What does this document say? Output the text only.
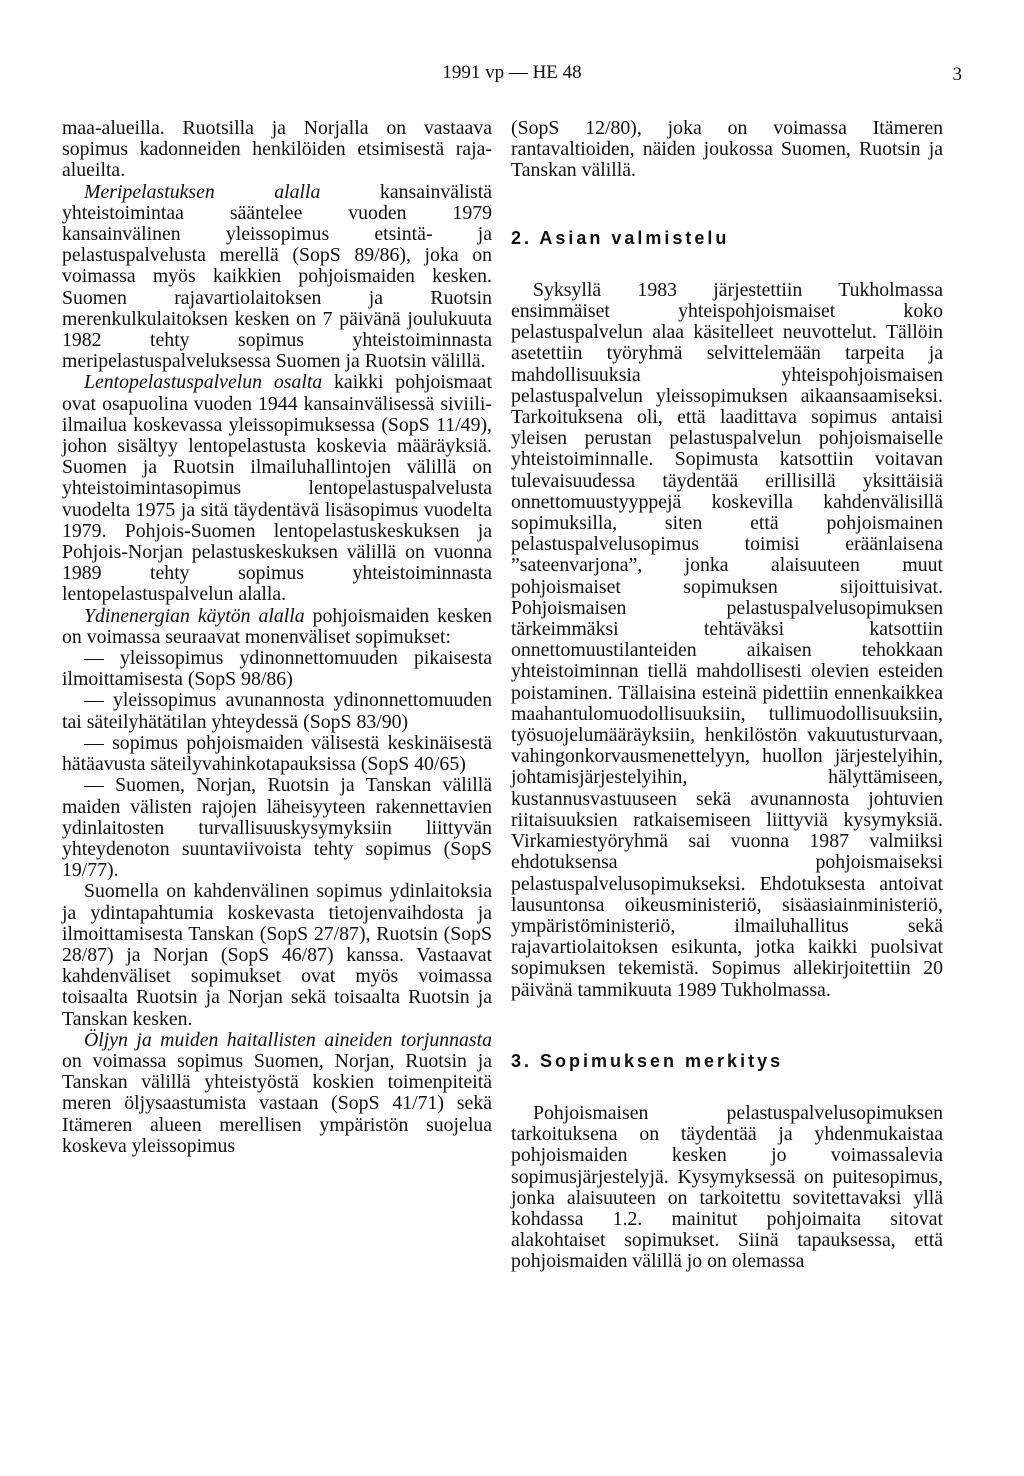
1991 vp — HE 48	3

maa-alueilla. Ruotsilla ja Norjalla on vastaava sopimus kadonneiden henkilöiden etsimisestä raja-alueilta.

Meripelastuksen alalla kansainvälistä yhteistoimintaa sääntelee vuoden 1979 kansainvälinen yleissopimus etsintä- ja pelastuspalvelusta merellä (SopS 89/86), joka on voimassa myös kaikkien pohjoismaiden kesken. Suomen rajavartiolaitoksen ja Ruotsin merenkulkulaitoksen kesken on 7 päivänä joulukuuta 1982 tehty sopimus yhteistoiminnasta meripelastuspalveluksessa Suomen ja Ruotsin välillä.

Lentopelastuspalvelun osalta kaikki pohjoismaat ovat osapuolina vuoden 1944 kansainvälisessä siviili-ilmailua koskevassa yleissopimuksessa (SopS 11/49), johon sisältyy lentopelastusta koskevia määräyksiä. Suomen ja Ruotsin ilmailuhallintojen välillä on yhteistoimintasopimus lentopelastuspalvelusta vuodelta 1975 ja sitä täydentävä lisäsopimus vuodelta 1979. Pohjois-Suomen lentopelastuskeskuksen ja Pohjois-Norjan pelastuskeskuksen välillä on vuonna 1989 tehty sopimus yhteistoiminnasta lentopelastuspalvelun alalla.

Ydinenergian käytön alalla pohjoismaiden kesken on voimassa seuraavat monenväliset sopimukset:

— yleissopimus ydinonnettomuuden pikaisesta ilmoittamisesta (SopS 98/86)

— yleissopimus avunannosta ydinonnettomuuden tai säteilyhätätilan yhteydessä (SopS 83/90)

— sopimus pohjoismaiden välisestä keskinäisestä hätäavusta säteilyvahinkotapauksissa (SopS 40/65)

— Suomen, Norjan, Ruotsin ja Tanskan välillä maiden välisten rajojen läheisyyteen rakennettavien ydinlaitosten turvallisuuskysymyksiin liittyvän yhteydenoton suuntaviivoista tehty sopimus (SopS 19/77).

Suomella on kahdenvälinen sopimus ydinlaitoksia ja ydintapahtumia koskevasta tietojenvaihdosta ja ilmoittamisesta Tanskan (SopS 27/87), Ruotsin (SopS 28/87) ja Norjan (SopS 46/87) kanssa. Vastaavat kahdenväliset sopimukset ovat myös voimassa toisaalta Ruotsin ja Norjan sekä toisaalta Ruotsin ja Tanskan kesken.

Öljyn ja muiden haitallisten aineiden torjunnasta on voimassa sopimus Suomen, Norjan, Ruotsin ja Tanskan välillä yhteistyöstä koskien toimenpiteitä meren öljysaastumista vastaan (SopS 41/71) sekä Itämeren alueen merellisen ympäristön suojelua koskeva yleissopimus

(SopS 12/80), joka on voimassa Itämeren rantavaltioiden, näiden joukossa Suomen, Ruotsin ja Tanskan välillä.

2. Asian valmistelu

Syksyllä 1983 järjestettiin Tukholmassa ensimmäiset yhteispohjoismaiset koko pelastuspalvelun alaa käsitelleet neuvottelut. Tällöin asetettiin työryhmä selvittelemään tarpeita ja mahdollisuuksia yhteispohjoismaisen pelastuspalvelun yleissopimuksen aikaansaamiseksi. Tarkoituksena oli, että laadittava sopimus antaisi yleisen perustan pelastuspalvelun pohjoismaiselle yhteistoiminnalle. Sopimusta katsottiin voitavan tulevaisuudessa täydentää erillisillä yksittäisiä onnettomuustyyppejä koskevilla kahdenvälisillä sopimuksilla, siten että pohjoismainen pelastuspalvelusopimus toimisi eräänlaisena ”sateenvarjona”, jonka alaisuuteen muut pohjoismaiset sopimuksen sijoittuisivat. Pohjoismaisen pelastuspalvelusopimuksen tärkeimmäksi tehtäväksi katsottiin onnettomuustilanteiden aikaisen tehokkaan yhteistoiminnan tiellä mahdollisesti olevien esteiden poistaminen. Tällaisina esteinä pidettiin ennenkaikkea maahantulomuodollisuuksiin, tullimuodollisuuksiin, työsuojelumääräyksiin, henkilöstön vakuutusturvaan, vahingonkorvausmenettelyyn, huollon järjestelyihin, johtamisjärjestelyihin, hälyttämiseen, kustannusvastuuseen sekä avunannosta johtuvien riitaisuuksien ratkaisemiseen liittyviä kysymyksiä. Virkamiestyöryhmä sai vuonna 1987 valmiiksi ehdotuksensa pohjoismaiseksi pelastuspalvelusopimukseksi. Ehdotuksesta antoivat lausuntonsa oikeusministeriö, sisäasiainministeriö, ympäristöministeriö, ilmailuhallitus sekä rajavartiolaitoksen esikunta, jotka kaikki puolsivat sopimuksen tekemistä. Sopimus allekirjoitettiin 20 päivänä tammikuuta 1989 Tukholmassa.

3. Sopimuksen merkitys

Pohjoismaisen pelastuspalvelusopimuksen tarkoituksena on täydentää ja yhdenmukaistaa pohjoismaiden kesken jo voimassalevia sopimusjärjestelyjä. Kysymyksessä on puitesopimus, jonka alaisuuteen on tarkoitettu sovitettavaksi yllä kohdassa 1.2. mainitut pohjoimaita sitovat alakohtaiset sopimukset. Siinä tapauksessa, että pohjoismaiden välillä jo on olemassa
